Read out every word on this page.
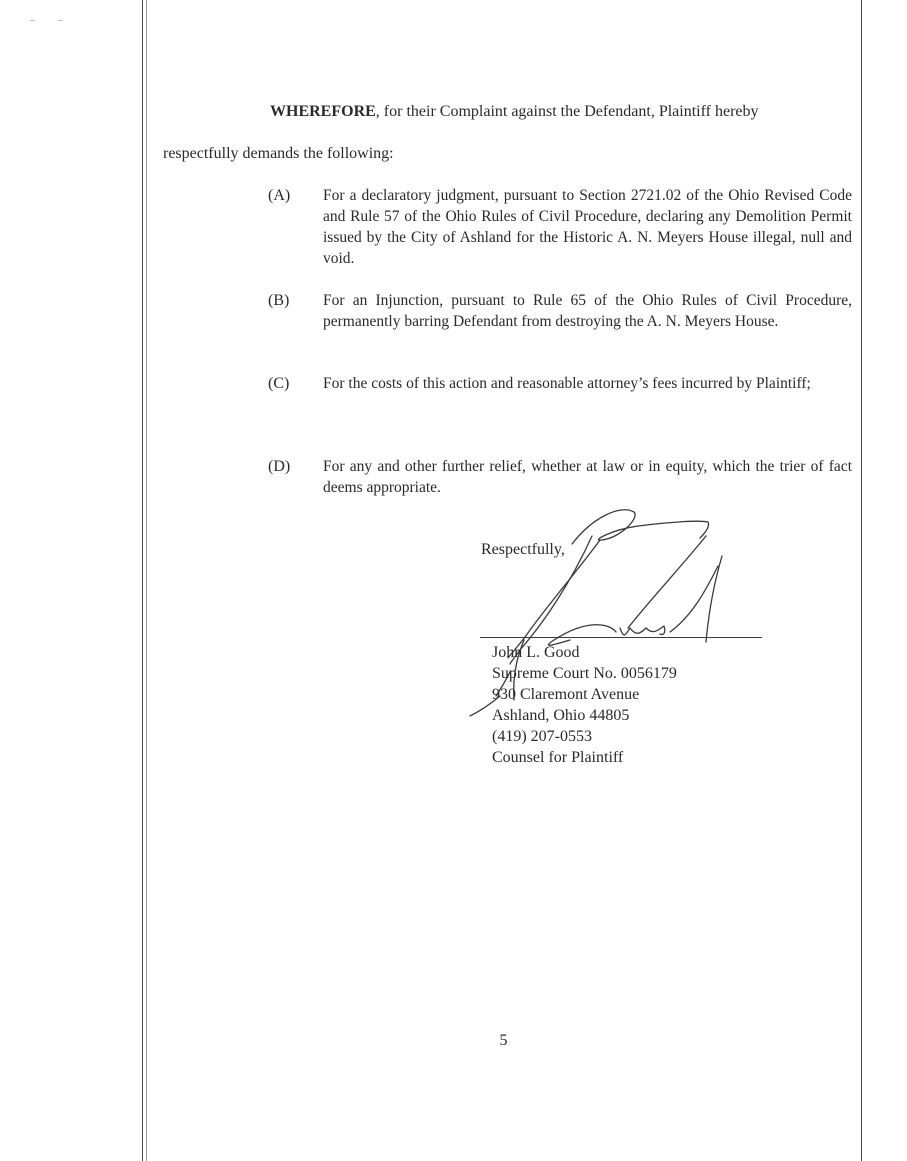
WHEREFORE, for their Complaint against the Defendant, Plaintiff hereby
respectfully demands the following:
(A) For a declaratory judgment, pursuant to Section 2721.02 of the Ohio Revised Code and Rule 57 of the Ohio Rules of Civil Procedure, declaring any Demolition Permit issued by the City of Ashland for the Historic A. N. Meyers House illegal, null and void.
(B) For an Injunction, pursuant to Rule 65 of the Ohio Rules of Civil Procedure, permanently barring Defendant from destroying the A. N. Meyers House.
(C) For the costs of this action and reasonable attorney’s fees incurred by Plaintiff;
(D) For any and other further relief, whether at law or in equity, which the trier of fact deems appropriate.
Respectfully,
John L. Good
Supreme Court No. 0056179
930 Claremont Avenue
Ashland, Ohio 44805
(419) 207-0553
Counsel for Plaintiff
5
